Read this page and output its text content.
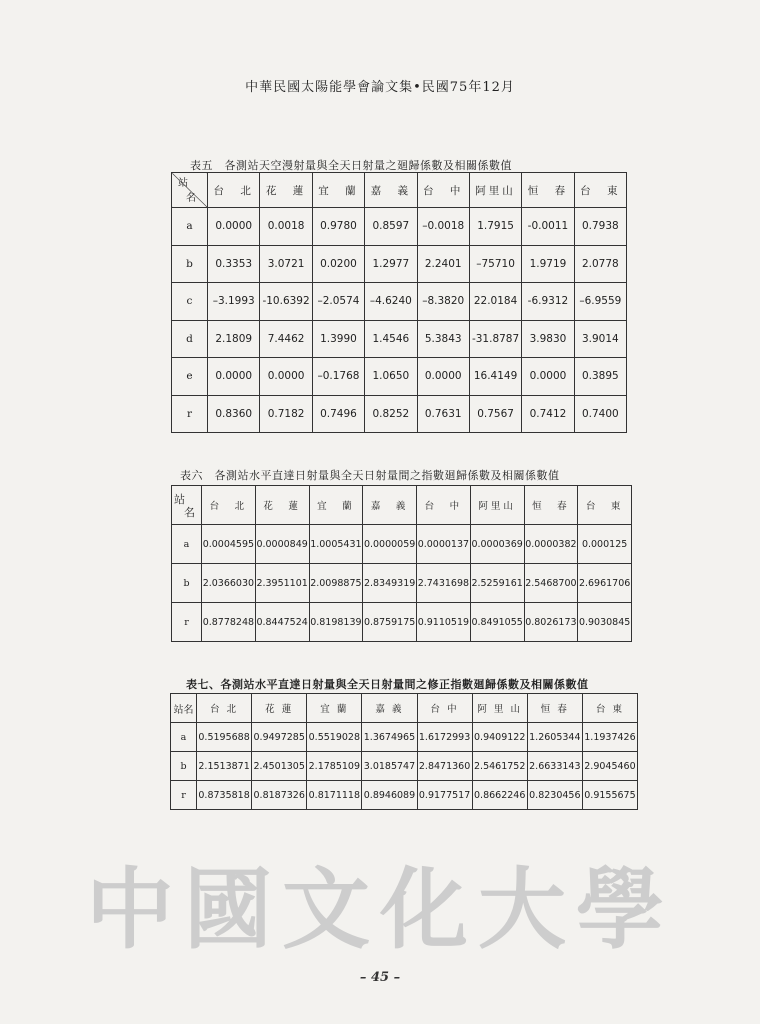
中華民國太陽能學會論文集•民國75年12月
表五　各測站天空漫射量與全天日射量之廻歸係數及相關係數值
站
名	台　北	花　蓮	宜　蘭	嘉　義	台　中	阿里山	恒　春	台　東
a	0.0000	0.0018	0.9780	0.8597	–0.0018	1.7915	-0.0011	0.7938
b	0.3353	3.0721	0.0200	1.2977	2.2401	–75710	1.9719	2.0778
c	–3.1993	-10.6392	–2.0574	–4.6240	–8.3820	22.0184	-6.9312	–6.9559
d	2.1809	7.4462	1.3990	1.4546	5.3843	-31.8787	3.9830	3.9014
e	0.0000	0.0000	–0.1768	1.0650	0.0000	16.4149	0.0000	0.3895
r	0.8360	0.7182	0.7496	0.8252	0.7631	0.7567	0.7412	0.7400
表六　各測站水平直達日射量與全天日射量間之指數廻歸係數及相關係數值
站
名	台　北	花　蓮	宜　蘭	嘉　義	台　中	阿里山	恒　春	台　東
a	0.0004595	0.0000849	1.0005431	0.0000059	0.0000137	0.0000369	0.0000382	0.000125
b	2.0366030	2.3951101	2.0098875	2.8349319	2.7431698	2.5259161	2.5468700	2.6961706
r	0.8778248	0.8447524	0.8198139	0.8759175	0.9110519	0.8491055	0.8026173	0.9030845
表七、各測站水平直達日射量與全天日射量間之修正指數廻歸係數及相關係數值
站名	台 北	花 蓮	宜 蘭	嘉 義	台 中	阿 里 山	恒 春	台 東
a	0.5195688	0.9497285	0.5519028	1.3674965	1.6172993	0.9409122	1.2605344	1.1937426
b	2.1513871	2.4501305	2.1785109	3.0185747	2.8471360	2.5461752	2.6633143	2.9045460
r	0.8735818	0.8187326	0.8171118	0.8946089	0.9177517	0.8662246	0.8230456	0.9155675
中國文化大學
– 45 –
